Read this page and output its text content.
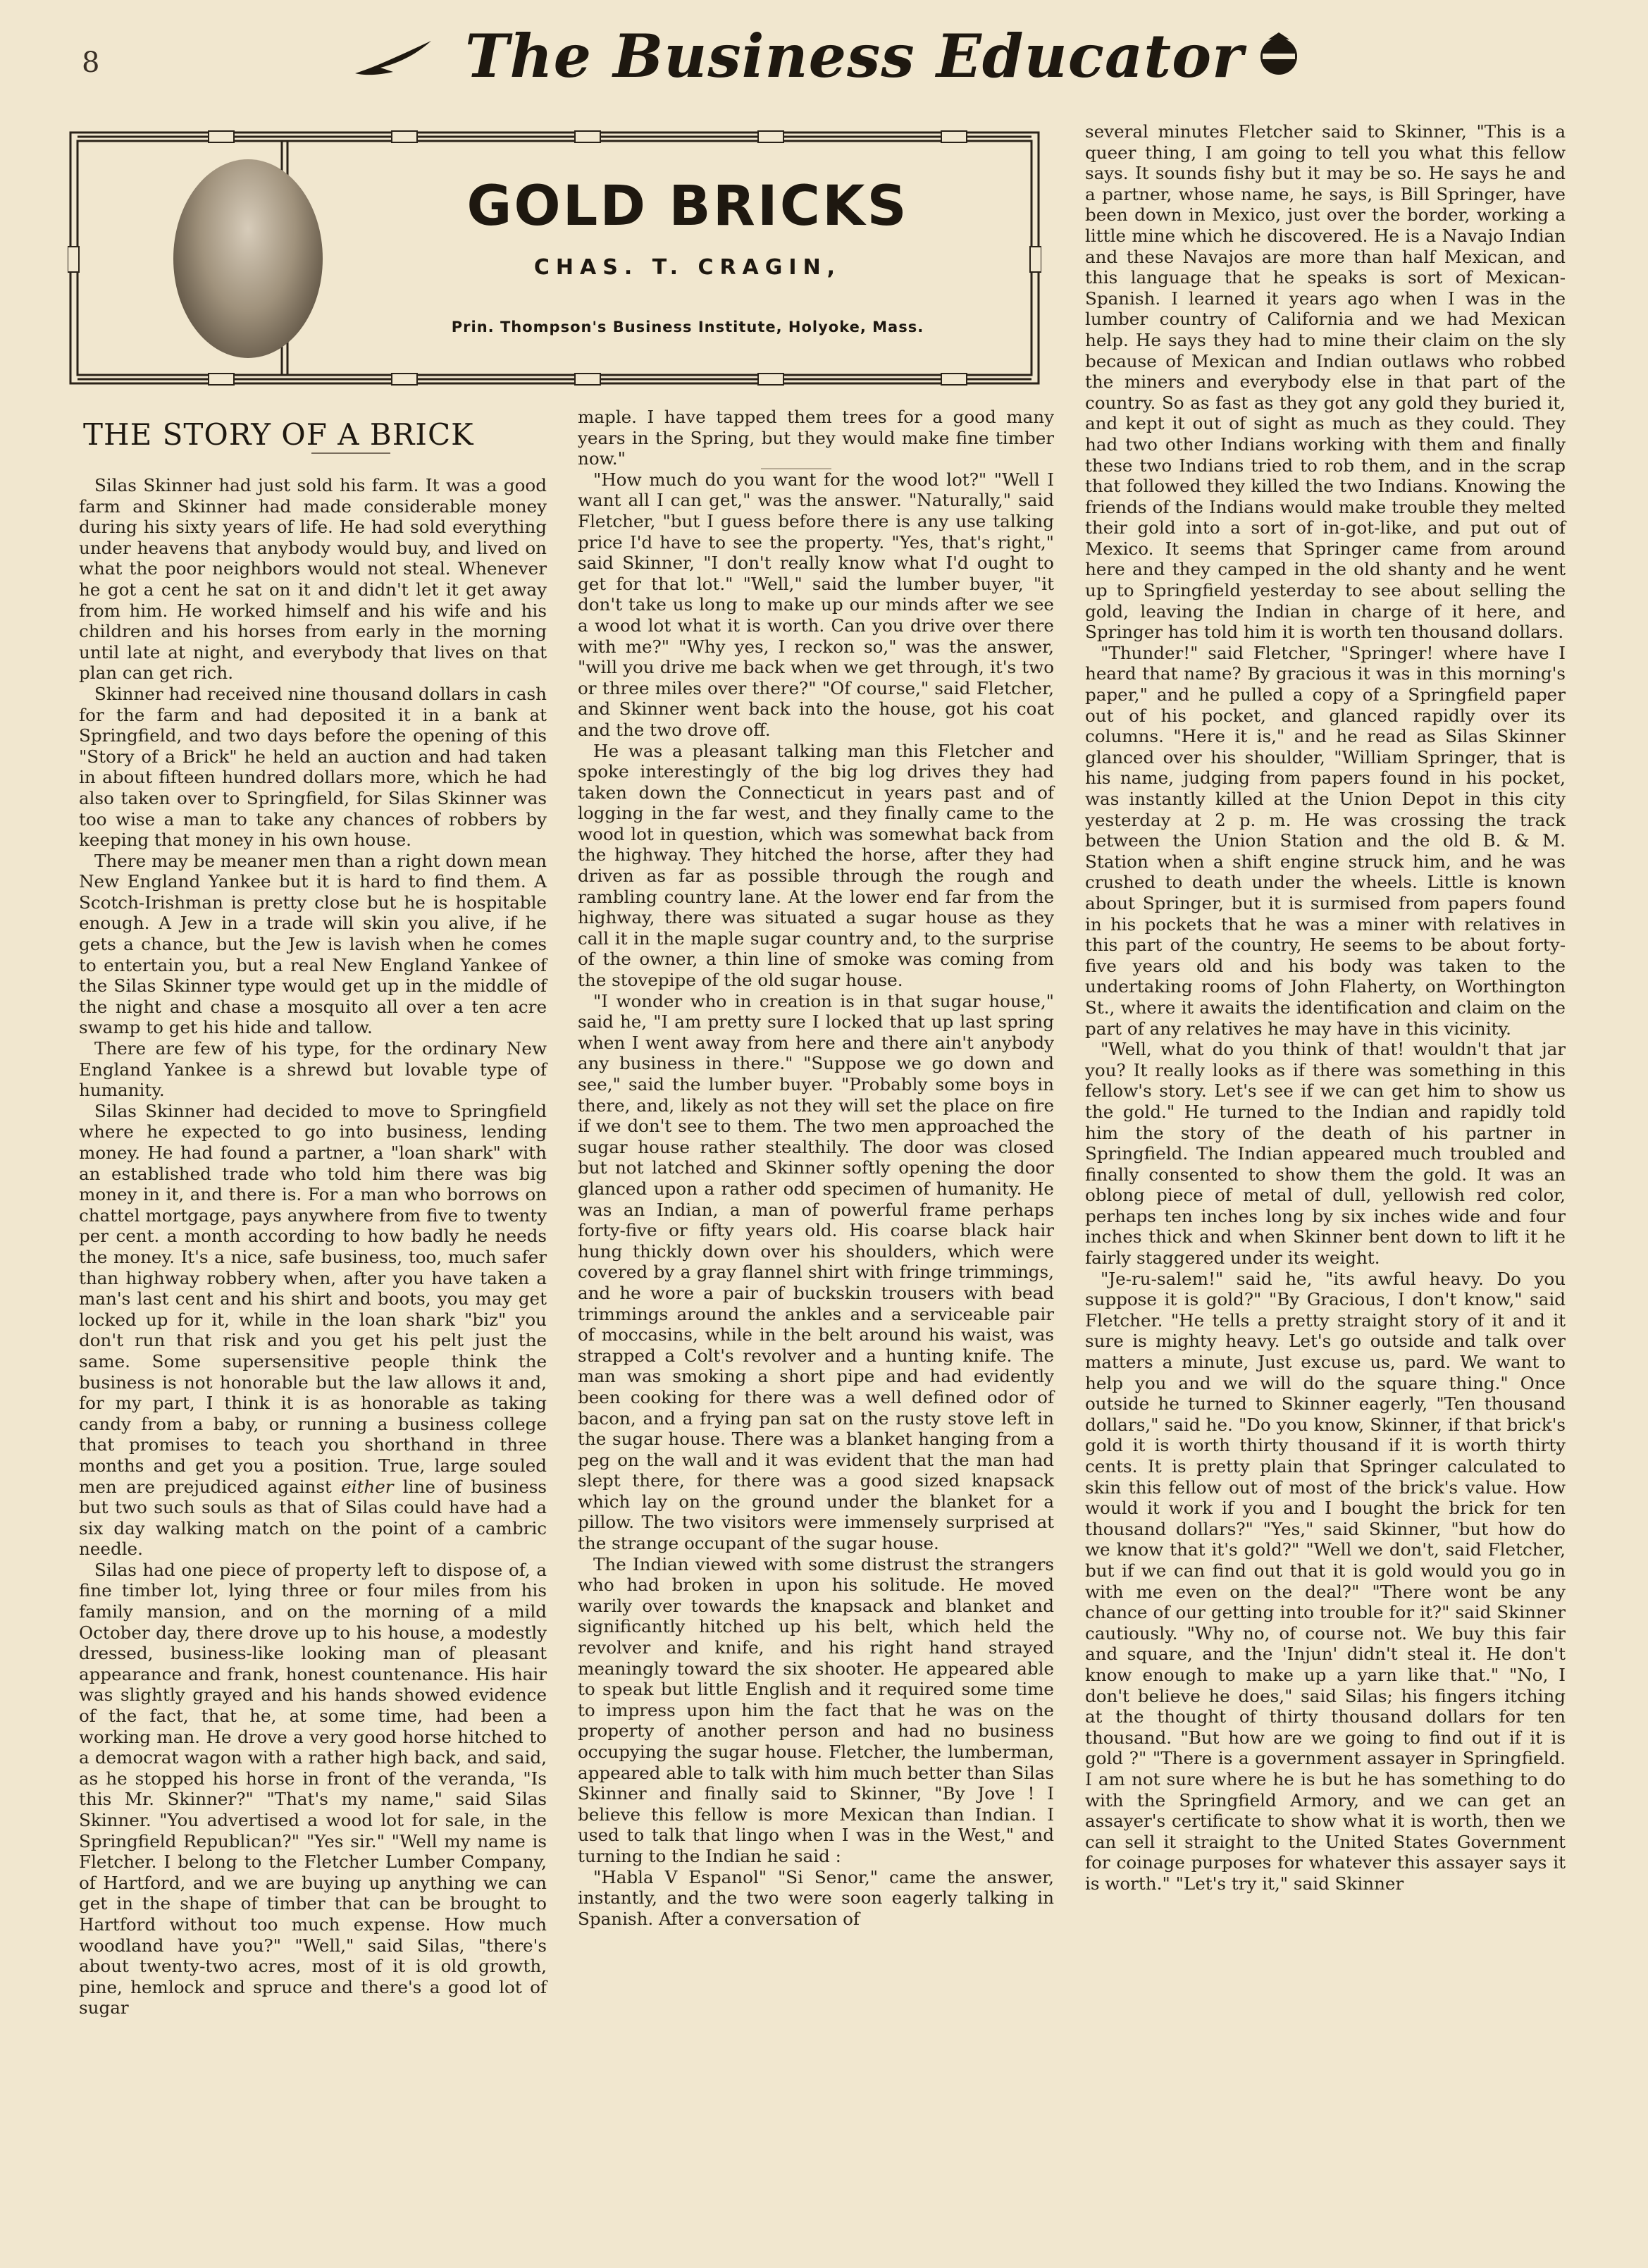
8	The Business Educator
GOLD BRICKS
CHAS. T. CRAGIN,
Prin. Thompson's Business Institute, Holyoke, Mass.
THE STORY OF A BRICK

Silas Skinner had just sold his farm. It was a good farm and Skinner had made considerable money during his sixty years of life. He had sold everything under heavens that anybody would buy, and lived on what the poor neighbors would not steal. Whenever he got a cent he sat on it and didn't let it get away from him. He worked himself and his wife and his children and his horses from early in the morning until late at night, and everybody that lives on that plan can get rich.

Skinner had received nine thousand dollars in cash for the farm and had deposited it in a bank at Springfield, and two days before the opening of this "Story of a Brick" he held an auction and had taken in about fifteen hundred dollars more, which he had also taken over to Springfield, for Silas Skinner was too wise a man to take any chances of robbers by keeping that money in his own house.

There may be meaner men than a right down mean New England Yankee but it is hard to find them. A Scotch-Irishman is pretty close but he is hospitable enough. A Jew in a trade will skin you alive, if he gets a chance, but the Jew is lavish when he comes to entertain you, but a real New England Yankee of the Silas Skinner type would get up in the middle of the night and chase a mosquito all over a ten acre swamp to get his hide and tallow.

There are few of his type, for the ordinary New England Yankee is a shrewd but lovable type of humanity.

Silas Skinner had decided to move to Springfield where he expected to go into business, lending money. He had found a partner, a "loan shark" with an established trade who told him there was big money in it, and there is. For a man who borrows on chattel mortgage, pays anywhere from five to twenty per cent. a month according to how badly he needs the money. It's a nice, safe business, too, much safer than highway robbery when, after you have taken a man's last cent and his shirt and boots, you may get locked up for it, while in the loan shark "biz" you don't run that risk and you get his pelt just the same. Some supersensitive people think the business is not honorable but the law allows it and, for my part, I think it is as honorable as taking candy from a baby, or running a business college that promises to teach you shorthand in three months and get you a position. True, large souled men are prejudiced against either line of business but two such souls as that of Silas could have had a six day walking match on the point of a cambric needle.

Silas had one piece of property left to dispose of, a fine timber lot, lying three or four miles from his family mansion, and on the morning of a mild October day, there drove up to his house, a modestly dressed, business-like looking man of pleasant appearance and frank, honest countenance. His hair was slightly grayed and his hands showed evidence of the fact, that he, at some time, had been a working man. He drove a very good horse hitched to a democrat wagon with a rather high back, and said, as he stopped his horse in front of the veranda, "Is this Mr. Skinner?" "That's my name," said Silas Skinner. "You advertised a wood lot for sale, in the Springfield Republican?" "Yes sir." "Well my name is Fletcher. I belong to the Fletcher Lumber Company, of Hartford, and we are buying up anything we can get in the shape of timber that can be brought to Hartford without too much expense. How much woodland have you?" "Well," said Silas, "there's about twenty-two acres, most of it is old growth, pine, hemlock and spruce and there's a good lot of sugar

maple. I have tapped them trees for a good many years in the Spring, but they would make fine timber now."

"How much do you want for the wood lot?" "Well I want all I can get," was the answer. "Naturally," said Fletcher, "but I guess before there is any use talking price I'd have to see the property. "Yes, that's right," said Skinner, "I don't really know what I'd ought to get for that lot." "Well," said the lumber buyer, "it don't take us long to make up our minds after we see a wood lot what it is worth. Can you drive over there with me?" "Why yes, I reckon so," was the answer, "will you drive me back when we get through, it's two or three miles over there?" "Of course," said Fletcher, and Skinner went back into the house, got his coat and the two drove off.

He was a pleasant talking man this Fletcher and spoke interestingly of the big log drives they had taken down the Connecticut in years past and of logging in the far west, and they finally came to the wood lot in question, which was somewhat back from the highway. They hitched the horse, after they had driven as far as possible through the rough and rambling country lane. At the lower end far from the highway, there was situated a sugar house as they call it in the maple sugar country and, to the surprise of the owner, a thin line of smoke was coming from the stovepipe of the old sugar house.

"I wonder who in creation is in that sugar house," said he, "I am pretty sure I locked that up last spring when I went away from here and there ain't anybody any business in there." "Suppose we go down and see," said the lumber buyer. "Probably some boys in there, and, likely as not they will set the place on fire if we don't see to them. The two men approached the sugar house rather stealthily. The door was closed but not latched and Skinner softly opening the door glanced upon a rather odd specimen of humanity. He was an Indian, a man of powerful frame perhaps forty-five or fifty years old. His coarse black hair hung thickly down over his shoulders, which were covered by a gray flannel shirt with fringe trimmings, and he wore a pair of buckskin trousers with bead trimmings around the ankles and a serviceable pair of moccasins, while in the belt around his waist, was strapped a Colt's revolver and a hunting knife. The man was smoking a short pipe and had evidently been cooking for there was a well defined odor of bacon, and a frying pan sat on the rusty stove left in the sugar house. There was a blanket hanging from a peg on the wall and it was evident that the man had slept there, for there was a good sized knapsack which lay on the ground under the blanket for a pillow. The two visitors were immensely surprised at the strange occupant of the sugar house.

The Indian viewed with some distrust the strangers who had broken in upon his solitude. He moved warily over towards the knapsack and blanket and significantly hitched up his belt, which held the revolver and knife, and his right hand strayed meaningly toward the six shooter. He appeared able to speak but little English and it required some time to impress upon him the fact that he was on the property of another person and had no business occupying the sugar house. Fletcher, the lumberman, appeared able to talk with him much better than Silas Skinner and finally said to Skinner, "By Jove ! I believe this fellow is more Mexican than Indian. I used to talk that lingo when I was in the West," and turning to the Indian he said :

"Habla V Espanol" "Si Senor," came the answer, instantly, and the two were soon eagerly talking in Spanish. After a conversation of

several minutes Fletcher said to Skinner, "This is a queer thing, I am going to tell you what this fellow says. It sounds fishy but it may be so. He says he and a partner, whose name, he says, is Bill Springer, have been down in Mexico, just over the border, working a little mine which he discovered. He is a Navajo Indian and these Navajos are more than half Mexican, and this language that he speaks is sort of Mexican-Spanish. I learned it years ago when I was in the lumber country of California and we had Mexican help. He says they had to mine their claim on the sly because of Mexican and Indian outlaws who robbed the miners and everybody else in that part of the country. So as fast as they got any gold they buried it, and kept it out of sight as much as they could. They had two other Indians working with them and finally these two Indians tried to rob them, and in the scrap that followed they killed the two Indians. Knowing the friends of the Indians would make trouble they melted their gold into a sort of in-got-like, and put out of Mexico. It seems that Springer came from around here and they camped in the old shanty and he went up to Springfield yesterday to see about selling the gold, leaving the Indian in charge of it here, and Springer has told him it is worth ten thousand dollars.

"Thunder!" said Fletcher, "Springer! where have I heard that name? By gracious it was in this morning's paper," and he pulled a copy of a Springfield paper out of his pocket, and glanced rapidly over its columns. "Here it is," and he read as Silas Skinner glanced over his shoulder, "William Springer, that is his name, judging from papers found in his pocket, was instantly killed at the Union Depot in this city yesterday at 2 p. m. He was crossing the track between the Union Station and the old B. & M. Station when a shift engine struck him, and he was crushed to death under the wheels. Little is known about Springer, but it is surmised from papers found in his pockets that he was a miner with relatives in this part of the country, He seems to be about forty-five years old and his body was taken to the undertaking rooms of John Flaherty, on Worthington St., where it awaits the identification and claim on the part of any relatives he may have in this vicinity.

"Well, what do you think of that! wouldn't that jar you? It really looks as if there was something in this fellow's story. Let's see if we can get him to show us the gold." He turned to the Indian and rapidly told him the story of the death of his partner in Springfield. The Indian appeared much troubled and finally consented to show them the gold. It was an oblong piece of metal of dull, yellowish red color, perhaps ten inches long by six inches wide and four inches thick and when Skinner bent down to lift it he fairly staggered under its weight.

"Je-ru-salem!" said he, "its awful heavy. Do you suppose it is gold?" "By Gracious, I don't know," said Fletcher. "He tells a pretty straight story of it and it sure is mighty heavy. Let's go outside and talk over matters a minute, Just excuse us, pard. We want to help you and we will do the square thing." Once outside he turned to Skinner eagerly, "Ten thousand dollars," said he. "Do you know, Skinner, if that brick's gold it is worth thirty thousand if it is worth thirty cents. It is pretty plain that Springer calculated to skin this fellow out of most of the brick's value. How would it work if you and I bought the brick for ten thousand dollars?" "Yes," said Skinner, "but how do we know that it's gold?" "Well we don't, said Fletcher, but if we can find out that it is gold would you go in with me even on the deal?" "There wont be any chance of our getting into trouble for it?" said Skinner cautiously. "Why no, of course not. We buy this fair and square, and the 'Injun' didn't steal it. He don't know enough to make up a yarn like that." "No, I don't believe he does," said Silas; his fingers itching at the thought of thirty thousand dollars for ten thousand. "But how are we going to find out if it is gold ?" "There is a government assayer in Springfield. I am not sure where he is but he has something to do with the Springfield Armory, and we can get an assayer's certificate to show what it is worth, then we can sell it straight to the United States Government for coinage purposes for whatever this assayer says it is worth." "Let's try it," said Skinner
